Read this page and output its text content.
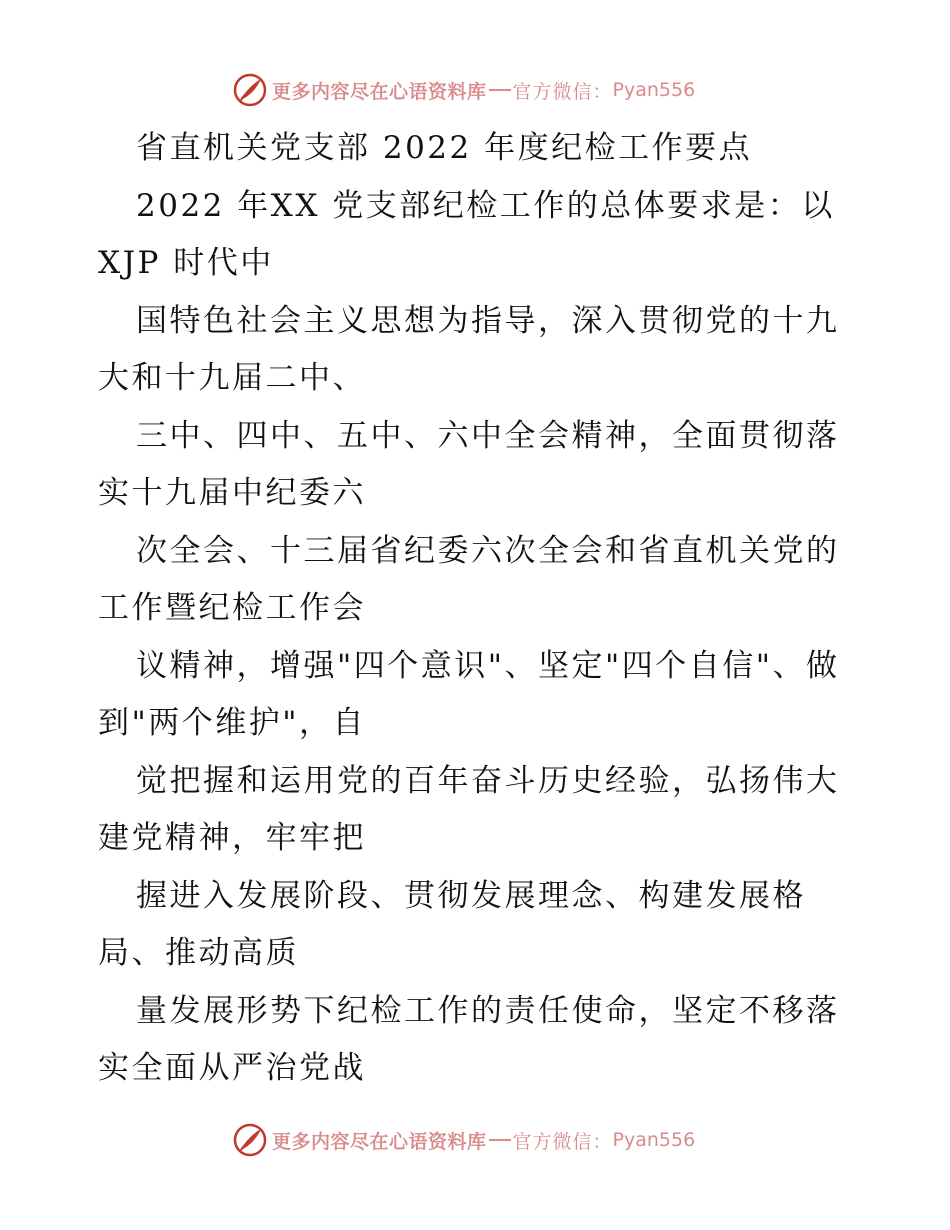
更多内容尽在心语资料库 官方微信： Pyan556
省直机关党支部 2022 年度纪检工作要点
2022 年XX 党支部纪检工作的总体要求是：以
XJP 时代中
国特色社会主义思想为指导，深入贯彻党的十九
大和十九届二中、
三中、四中、五中、六中全会精神，全面贯彻落
实十九届中纪委六
次全会、十三届省纪委六次全会和省直机关党的
工作暨纪检工作会
议精神，增强"四个意识"、坚定"四个自信"、做
到"两个维护"，自
觉把握和运用党的百年奋斗历史经验，弘扬伟大
建党精神，牢牢把
握进入发展阶段、贯彻发展理念、构建发展格
局、推动高质
量发展形势下纪检工作的责任使命，坚定不移落
实全面从严治党战
更多内容尽在心语资料库 官方微信： Pyan556
